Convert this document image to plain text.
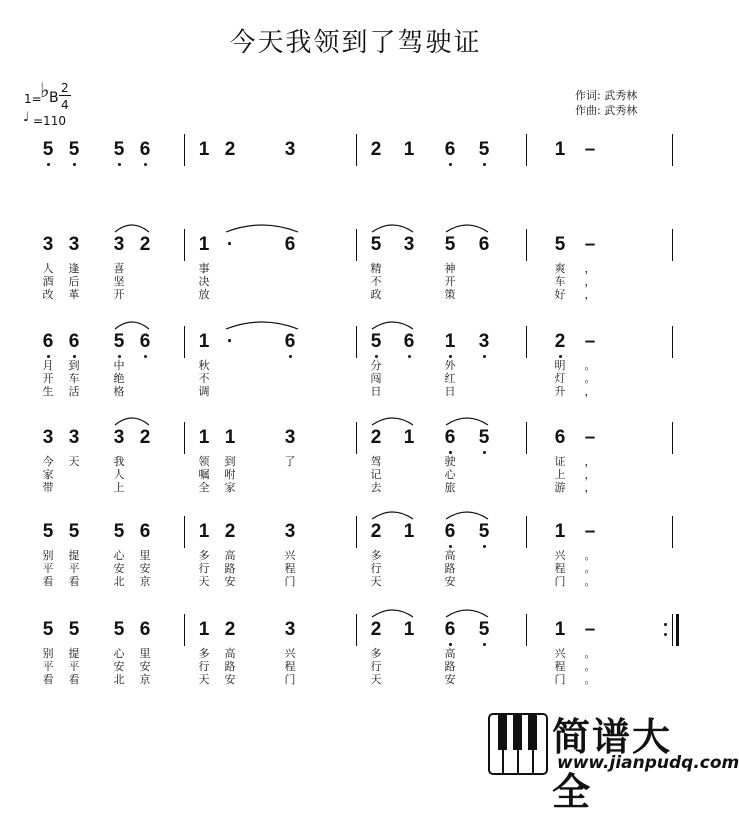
今天我领到了驾驶证
1=
♭ B
2
4
♩ =110
作词: 武秀林
作曲: 武秀林
5 5 5 6	1 2	3	2 1 6 5	1 –
3 3 3 2	1 ·	6	5 3 5 6	5 –
人 逢	喜	事	精	神	爽 ，
酒 后	坚	决	不	开	车 ，
改 革	开	放	政	策	好 ，
6 6 5 6	1 ·	6	5 6 1 3	2 –
月 到	中	秋	分	外	明 。
开 车	绝	不	闯	红	灯 。
生 活	格	调	日	日	升 ，
3 3 3 2	1 1	3	2 1 6 5	6 –
今 天	我	领 到	了	驾	驶	证 ，
家	人	嘱 咐	记	心	上 ，
带	上	全 家	去	旅	游 ，
5 5 5 6	1 2	3	2 1 6 5	1 –
别 提	心 里	多 高	兴	多	高	兴 。
平 平	安 安	行 路	程	行	路	程 。
看 看	北 京	天 安	门	天	安	门 。
5 5 5 6	1 2	3	2 1 6 5	1 –
别 提	心 里	多 高	兴	多	高	兴 。
平 平	安 安	行 路	程	行	路	程 。
看 看	北 京	天 安	门	天	安	门 。
简谱大全
www.jianpudq.com
